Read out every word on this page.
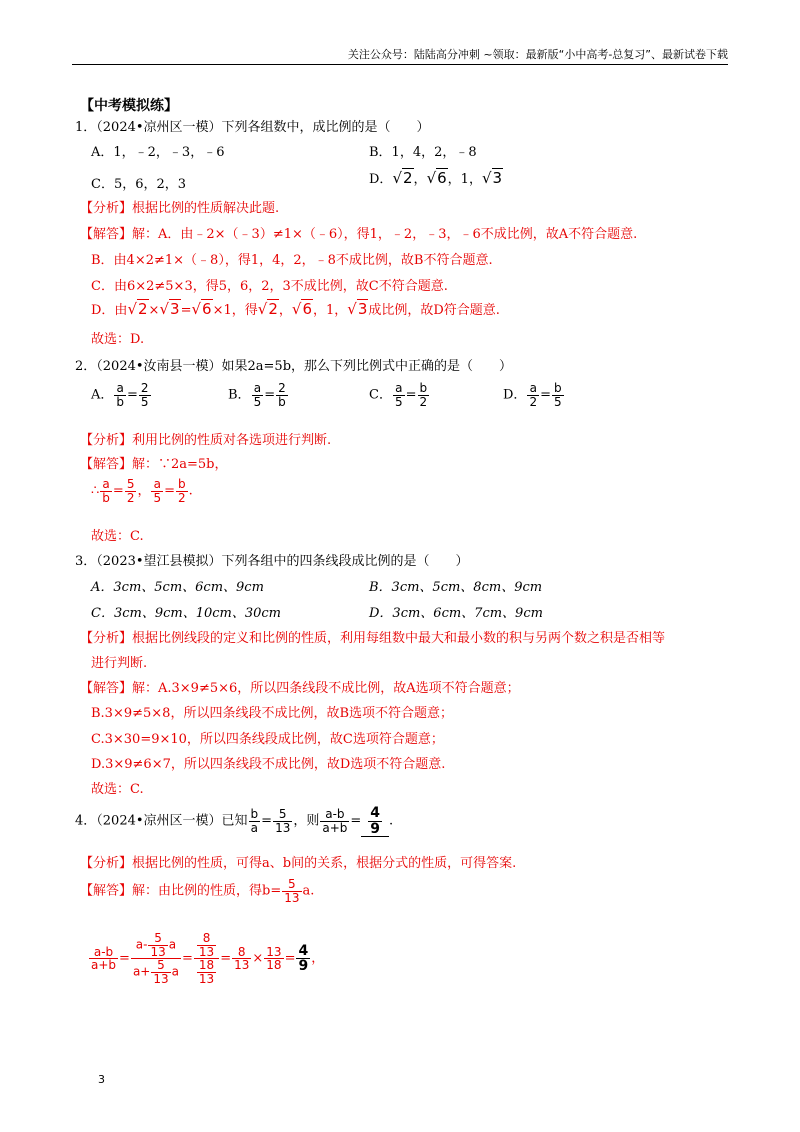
关注公众号：陆陆高分冲刺 ~领取：最新版“小中高考-总复习”、最新试卷下载
【中考模拟练】
1．（2024•凉州区一模）下列各组数中，成比例的是（　　）
A．1，﹣2，﹣3，﹣6	B．1，4，2，﹣8
C．5，6，2，3	D．√2，√6，1，√3
【分析】根据比例的性质解决此题.
【解答】解：A．由﹣2×（﹣3）≠1×（﹣6），得1，﹣2，﹣3，﹣6不成比例，故A不符合题意.
B．由4×2≠1×（﹣8），得1，4，2，﹣8不成比例，故B不符合题意.
C．由6×2≠5×3，得5，6，2，3不成比例，故C不符合题意.
D．由√2×√3=√6×1，得√2，√6，1，√3成比例，故D符合题意.
故选：D.
2．（2024•汝南县一模）如果2a=5b，那么下列比例式中正确的是（　　）
A． $\frac{a}{b} = \frac{2}{5}$	B． $\frac{a}{5} = \frac{2}{b}$	C． $\frac{a}{5} = \frac{b}{2}$	D． $\frac{a}{2} = \frac{b}{5}$
【分析】利用比例的性质对各选项进行判断.
【解答】解：∵2a=5b，
∴ $\frac{a}{b} = \frac{5}{2}$ ， $\frac{a}{5} = \frac{b}{2}$ .
故选：C.
3．（2023•望江县模拟）下列各组中的四条线段成比例的是（　　）
A．3cm、5cm、6cm、9cm	B．3cm、5cm、8cm、9cm
C．3cm、9cm、10cm、30cm	D．3cm、6cm、7cm、9cm
【分析】根据比例线段的定义和比例的性质，利用每组数中最大和最小数的积与另两个数之积是否相等
进行判断.
【解答】解：A.3×9≠5×6，所以四条线段不成比例，故A选项不符合题意；
B.3×9≠5×8，所以四条线段不成比例，故B选项不符合题意；
C.3×30=9×10，所以四条线段成比例，故C选项符合题意；
D.3×9≠6×7，所以四条线段不成比例，故D选项不符合题意.
故选：C.
4．（2024•凉州区一模）已知 $\frac{b}{a} = \frac{5}{13}$ ，则 $\frac{a-b}{a+b} = \frac{4}{9}$ .
【分析】根据比例的性质，可得a、b间的关系，根据分式的性质，可得答案.
【解答】解：由比例的性质，得$b= \frac{5}{13} a$.
$\frac{a-b}{a+b} = \frac{a- \frac{5}{13} a}{a+ \frac{5}{13} a} = \frac{\frac{8}{13}}{\frac{18}{13}} = \frac{8}{13} \times \frac{13}{18} = \frac{4}{9}$ ，
3
